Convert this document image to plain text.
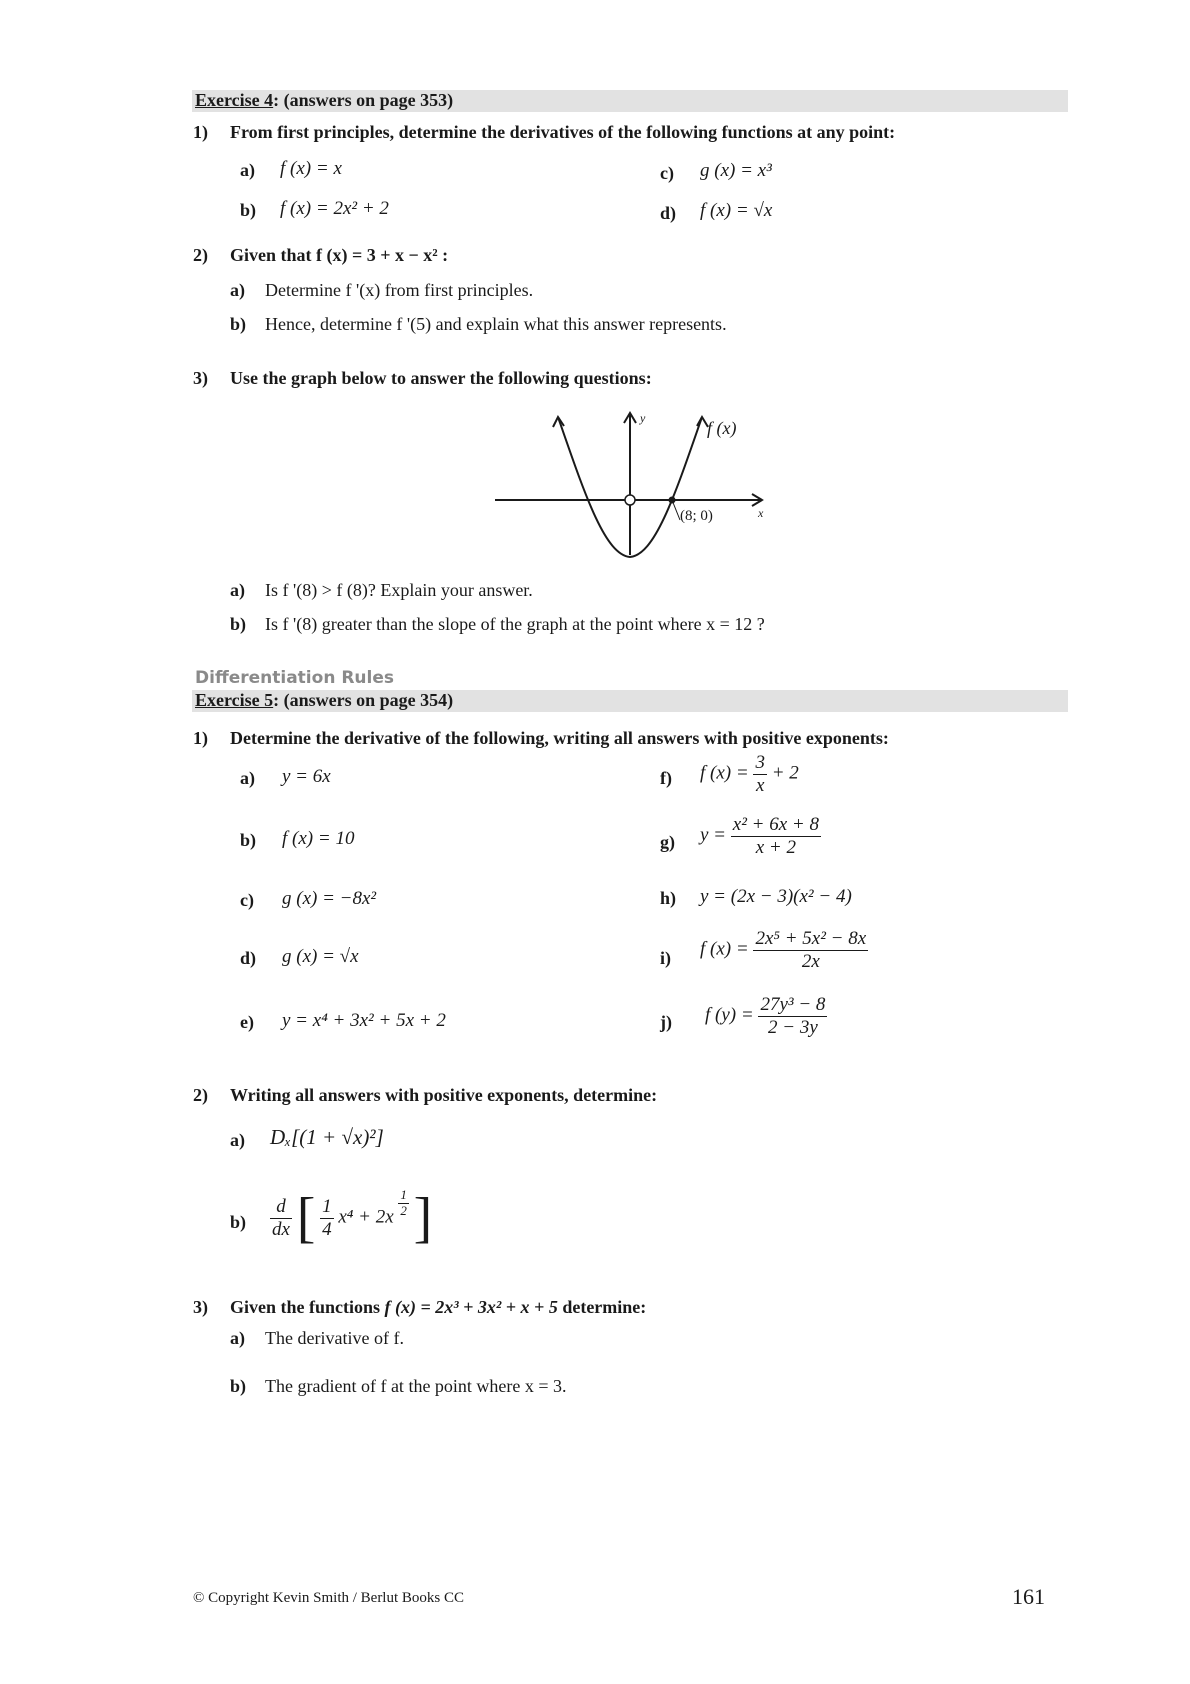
Exercise 4: (answers on page 353)
1) From first principles, determine the derivatives of the following functions at any point:
a) f (x) = x
b) f (x) = 2x² + 2
c) g (x) = x³
d) f (x) = √x
2) Given that f (x) = 3 + x − x² :
a) Determine f '(x) from first principles.
b) Hence, determine f '(5) and explain what this answer represents.
3) Use the graph below to answer the following questions:
y
x
f (x)
(8; 0)
a) Is f '(8) > f (8)? Explain your answer.
b) Is f '(8) greater than the slope of the graph at the point where x = 12 ?
Differentiation Rules
Exercise 5: (answers on page 354)
1) Determine the derivative of the following, writing all answers with positive exponents:
a) y = 6x
b) f (x) = 10
c) g (x) = −8x²
d) g (x) = √x
e) y = x⁴ + 3x² + 5x + 2
f) f $(x) = \frac{3}{x} + 2$
g) $y = \frac{\text{x² + 6x + 8}}{x + 2}$
h) y = (2x − 3)(x² − 4)
i) f $(x) = \frac{\text{2x⁵ + 5x² − 8x}}{2x}$
j) f $(y) = \frac{\text{27y³ − 8}}{2 - 3y}$
2) Writing all answers with positive exponents, determine:
a) Dₓ[(1 + √x)²]
$b) \frac{d}{dx}$ [ $\frac{1}{4} x^4 + 2x \frac{1}{2}$ ]
3) Given the functions f (x) = 2x³ + 3x² + x + 5 determine:
a) The derivative of f.
b) The gradient of f at the point where x = 3.
© Copyright Kevin Smith / Berlut Books CC	161
